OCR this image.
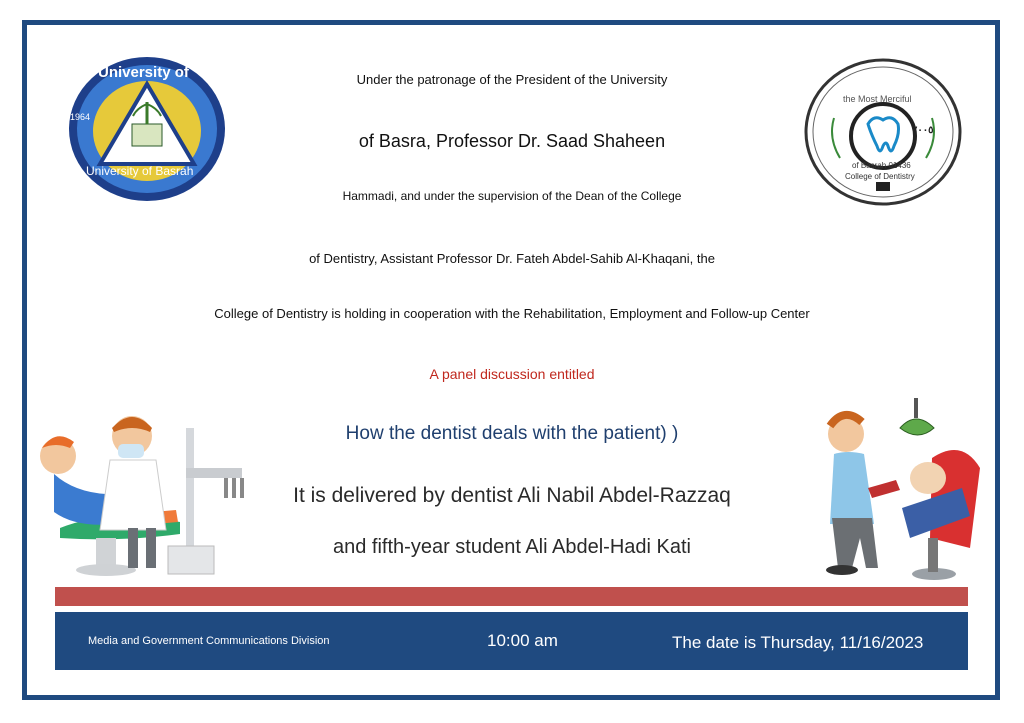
University of
University of Basrah
1964
the Most Merciful
of Basrah 01436
College of Dentistry
٢٠٠٥
Under the patronage of the President of the University
of Basra, Professor Dr. Saad Shaheen
Hammadi, and under the supervision of the Dean of the College
of Dentistry, Assistant Professor Dr. Fateh Abdel-Sahib Al-Khaqani, the
College of Dentistry is holding in cooperation with the Rehabilitation, Employment and Follow-up Center
A panel discussion entitled
How the dentist deals with the patient) ‎)
It is delivered by dentist Ali Nabil Abdel-Razzaq
and fifth-year student Ali Abdel-Hadi Kati
Media and Government Communications Division	10:00 am	The date is Thursday, 11/16/2023
